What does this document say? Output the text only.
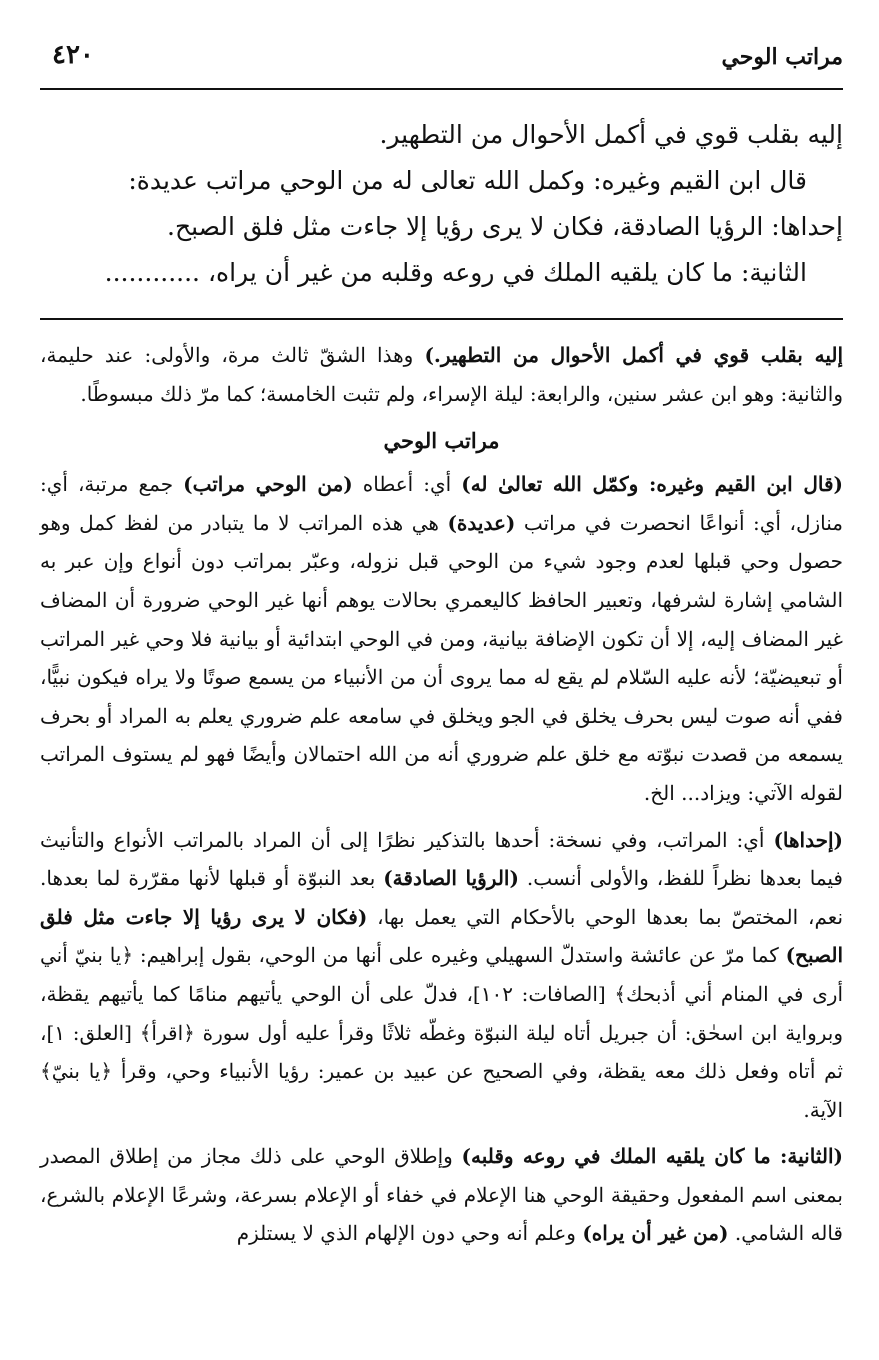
مراتب الوحي
٤٢٠

إليه بقلب قوي في أكمل الأحوال من التطهير.

قال ابن القيم وغيره: وكمل الله تعالى له من الوحي مراتب عديدة:

إحداها: الرؤيا الصادقة، فكان لا يرى رؤيا إلا جاءت مثل فلق الصبح.

الثانية: ما كان يلقيه الملك في روعه وقلبه من غير أن يراه، ............

إليه بقلب قوي في أكمل الأحوال من التطهير.) وهذا الشقّ ثالث مرة، والأولى: عند حليمة، والثانية: وهو ابن عشر سنين، والرابعة: ليلة الإسراء، ولم تثبت الخامسة؛ كما مرّ ذلك مبسوطًا.

مراتب الوحي

(قال ابن القيم وغيره: وكمّل الله تعالىٰ له) أي: أعطاه (من الوحي مراتب) جمع مرتبة، أي: منازل، أي: أنواعًا انحصرت في مراتب (عديدة) هي هذه المراتب لا ما يتبادر من لفظ كمل وهو حصول وحي قبلها لعدم وجود شيء من الوحي قبل نزوله، وعبّر بمراتب دون أنواع وإن عبر به الشامي إشارة لشرفها، وتعبير الحافظ كاليعمري بحالات يوهم أنها غير الوحي ضرورة أن المضاف غير المضاف إليه، إلا أن تكون الإضافة بيانية، ومن في الوحي ابتدائية أو بيانية فلا وحي غير المراتب أو تبعيضيّة؛ لأنه عليه السّلام لم يقع له مما يروى أن من الأنبياء من يسمع صوتًا ولا يراه فيكون نبيًّا، ففي أنه صوت ليس بحرف يخلق في الجو ويخلق في سامعه علم ضروري يعلم به المراد أو بحرف يسمعه من قصدت نبوّته مع خلق علم ضروري أنه من الله احتمالان وأيضًا فهو لم يستوف المراتب لقوله الآتي: ويزاد... الخ.

(إحداها) أي: المراتب، وفي نسخة: أحدها بالتذكير نظرًا إلى أن المراد بالمراتب الأنواع والتأنيث فيما بعدها نظراً للفظ، والأولى أنسب. (الرؤيا الصادقة) بعد النبوّة أو قبلها لأنها مقرّرة لما بعدها. نعم، المختصّ بما بعدها الوحي بالأحكام التي يعمل بها، (فكان لا يرى رؤيا إلا جاءت مثل فلق الصبح) كما مرّ عن عائشة واستدلّ السهيلي وغيره على أنها من الوحي، بقول إبراهيم: ﴿يا بنيّ أني أرى في المنام أني أذبحك﴾ [الصافات: ١٠٢]، فدلّ على أن الوحي يأتيهم منامًا كما يأتيهم يقظة، وبرواية ابن اسحٰق: أن جبريل أتاه ليلة النبوّة وغطّه ثلاثًا وقرأ عليه أول سورة ﴿اقرأ﴾ [العلق: ١]، ثم أتاه وفعل ذلك معه يقظة، وفي الصحيح عن عبيد بن عمير: رؤيا الأنبياء وحي، وقرأ ﴿يا بنيّ﴾ الآية.

(الثانية: ما كان يلقيه الملك في روعه وقلبه) وإطلاق الوحي على ذلك مجاز من إطلاق المصدر بمعنى اسم المفعول وحقيقة الوحي هنا الإعلام في خفاء أو الإعلام بسرعة، وشرعًا الإعلام بالشرع، قاله الشامي. (من غير أن يراه) وعلم أنه وحي دون الإلهام الذي لا يستلزم
